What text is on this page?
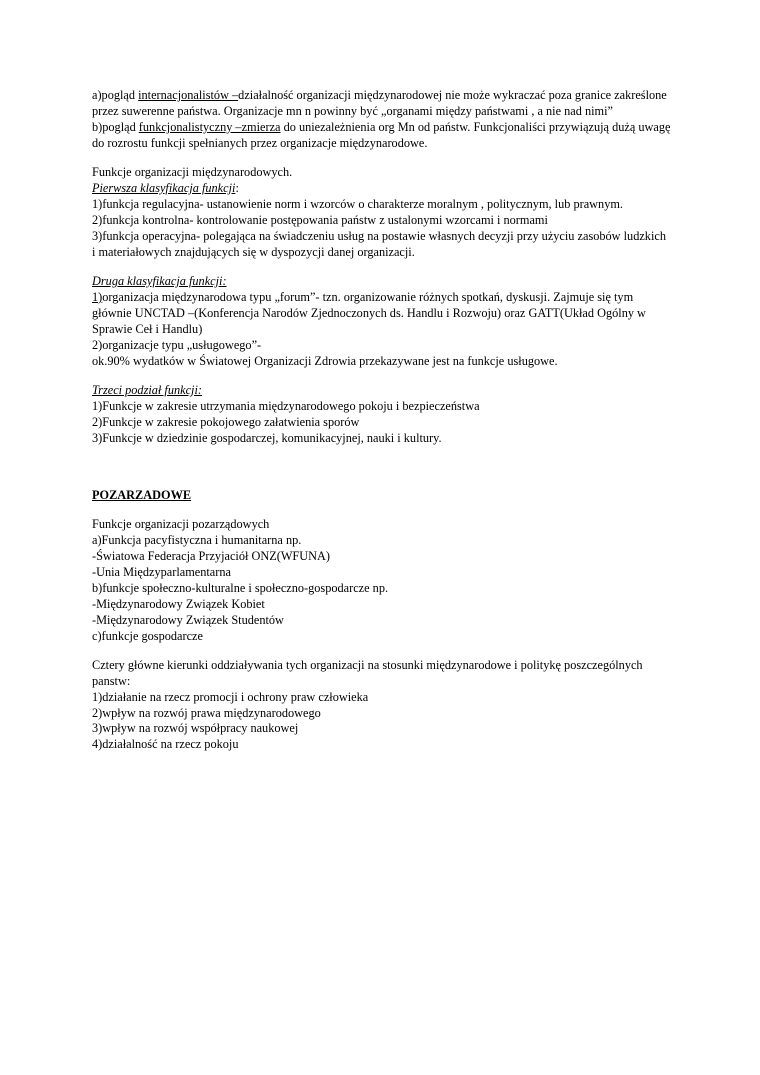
a)pogląd internacjonalistów –działalność organizacji międzynarodowej nie może wykraczać poza granice zakreślone przez suwerenne państwa. Organizacje mn n powinny być „organami między państwami , a nie nad nimi”

b)pogląd funkcjonalistyczny –zmierza do uniezależnienia org Mn od państw. Funkcjonaliści przywiązują dużą uwagę do rozrostu funkcji spełnianych przez organizacje międzynarodowe.

Funkcje organizacji międzynarodowych.

Pierwsza klasyfikacja funkcji:

1)funkcja regulacyjna- ustanowienie norm i wzorców o charakterze moralnym , politycznym, lub prawnym.

2)funkcja kontrolna- kontrolowanie postępowania państw z ustalonymi wzorcami i normami

3)funkcja operacyjna- polegająca na świadczeniu usług na postawie własnych decyzji przy użyciu zasobów ludzkich i materiałowych znajdujących się w dyspozycji danej organizacji.

Druga klasyfikacja funkcji:

1)organizacja międzynarodowa typu „forum”- tzn. organizowanie różnych spotkań, dyskusji. Zajmuje się tym głównie UNCTAD –(Konferencja Narodów Zjednoczonych ds. Handlu i Rozwoju) oraz GATT(Układ Ogólny w Sprawie Ceł i Handlu)

2)organizacje typu „usługowego”-

ok.90% wydatków w Światowej Organizacji Zdrowia przekazywane jest na funkcje usługowe.

Trzeci podział funkcji:

1)Funkcje w zakresie utrzymania międzynarodowego pokoju i bezpieczeństwa

2)Funkcje w zakresie pokojowego załatwienia sporów

3)Funkcje w dziedzinie gospodarczej, komunikacyjnej, nauki i kultury.

POZARZADOWE

Funkcje organizacji pozarządowych

a)Funkcja pacyfistyczna i humanitarna np.

-Światowa Federacja Przyjaciół ONZ(WFUNA)

-Unia Międzyparlamentarna

b)funkcje społeczno-kulturalne i społeczno-gospodarcze np.

-Międzynarodowy Związek Kobiet

-Międzynarodowy Związek Studentów

c)funkcje gospodarcze

Cztery główne kierunki oddziaływania tych organizacji na stosunki międzynarodowe i politykę poszczególnych panstw:

1)działanie na rzecz promocji i ochrony praw człowieka

2)wpływ na rozwój prawa międzynarodowego

3)wpływ na rozwój współpracy naukowej

4)działalność na rzecz pokoju
